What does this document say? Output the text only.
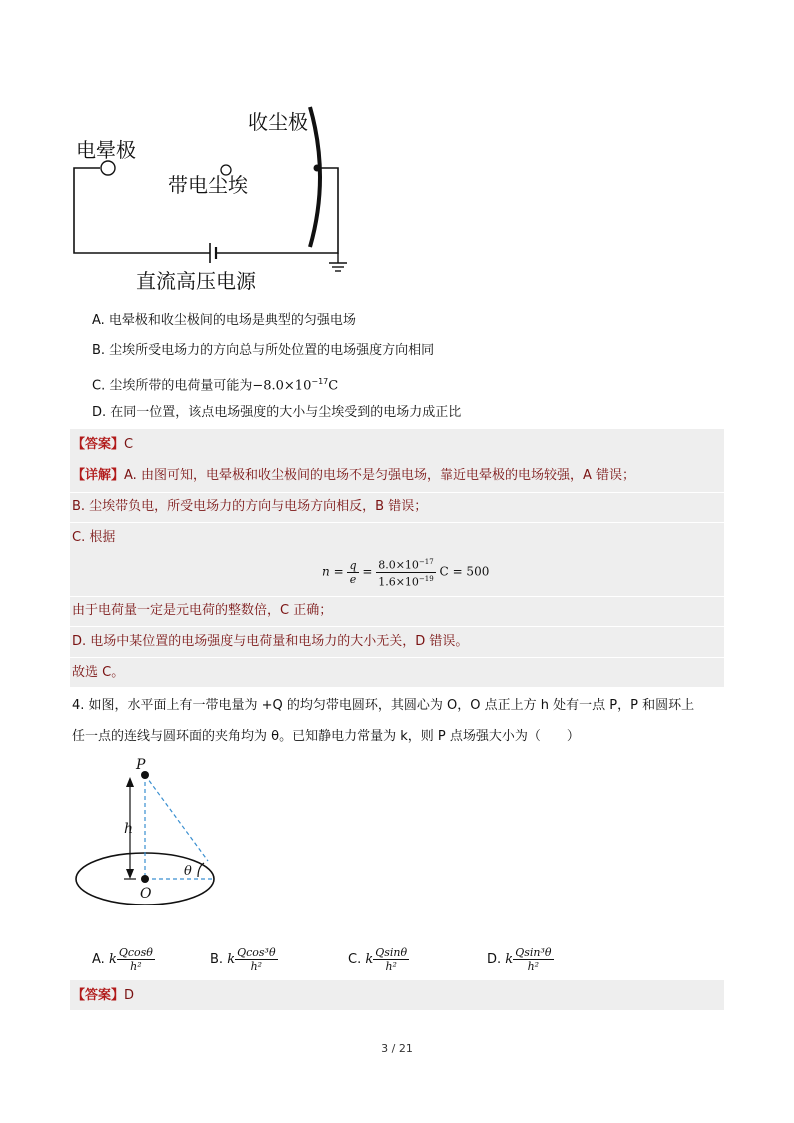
收尘极
电晕极
带电尘埃
直流高压电源
A. 电晕极和收尘极间的电场是典型的匀强电场
B. 尘埃所受电场力的方向总与所处位置的电场强度方向相同
C. 尘埃所带的电荷量可能为$-8.0\times 10^{-17}C$
D. 在同一位置，该点电场强度的大小与尘埃受到的电场力成正比
【答案】C
【详解】A. 由图可知，电晕极和收尘极间的电场不是匀强电场，靠近电晕极的电场较强，A 错误；
B. 尘埃带负电，所受电场力的方向与电场方向相反，B 错误；
C. 根据
$n = \frac{q}{e} = \frac{8.0\times 10^{-17}}{1.6\times 10^{-19}}$ C = 500
由于电荷量一定是元电荷的整数倍，C 正确；
D. 电场中某位置的电场强度与电荷量和电场力的大小无关，D 错误。
故选 C。
4. 如图，水平面上有一带电量为 +Q 的均匀带电圆环，其圆心为 O，O 点正上方 h 处有一点 P，P 和圆环上
任一点的连线与圆环面的夹角均为 θ。已知静电力常量为 k，则 P 点场强大小为（　　）
P
h
O
θ
A. k $\frac{Qcos\theta}{\text{h²}}$	B. k $\frac{\text{Qcos³θ}}{\text{h²}}$	C. k $\frac{Qsin\theta}{\text{h²}}$	D. k $\frac{\text{Qsin³θ}}{\text{h²}}$
【答案】D
3 / 21
